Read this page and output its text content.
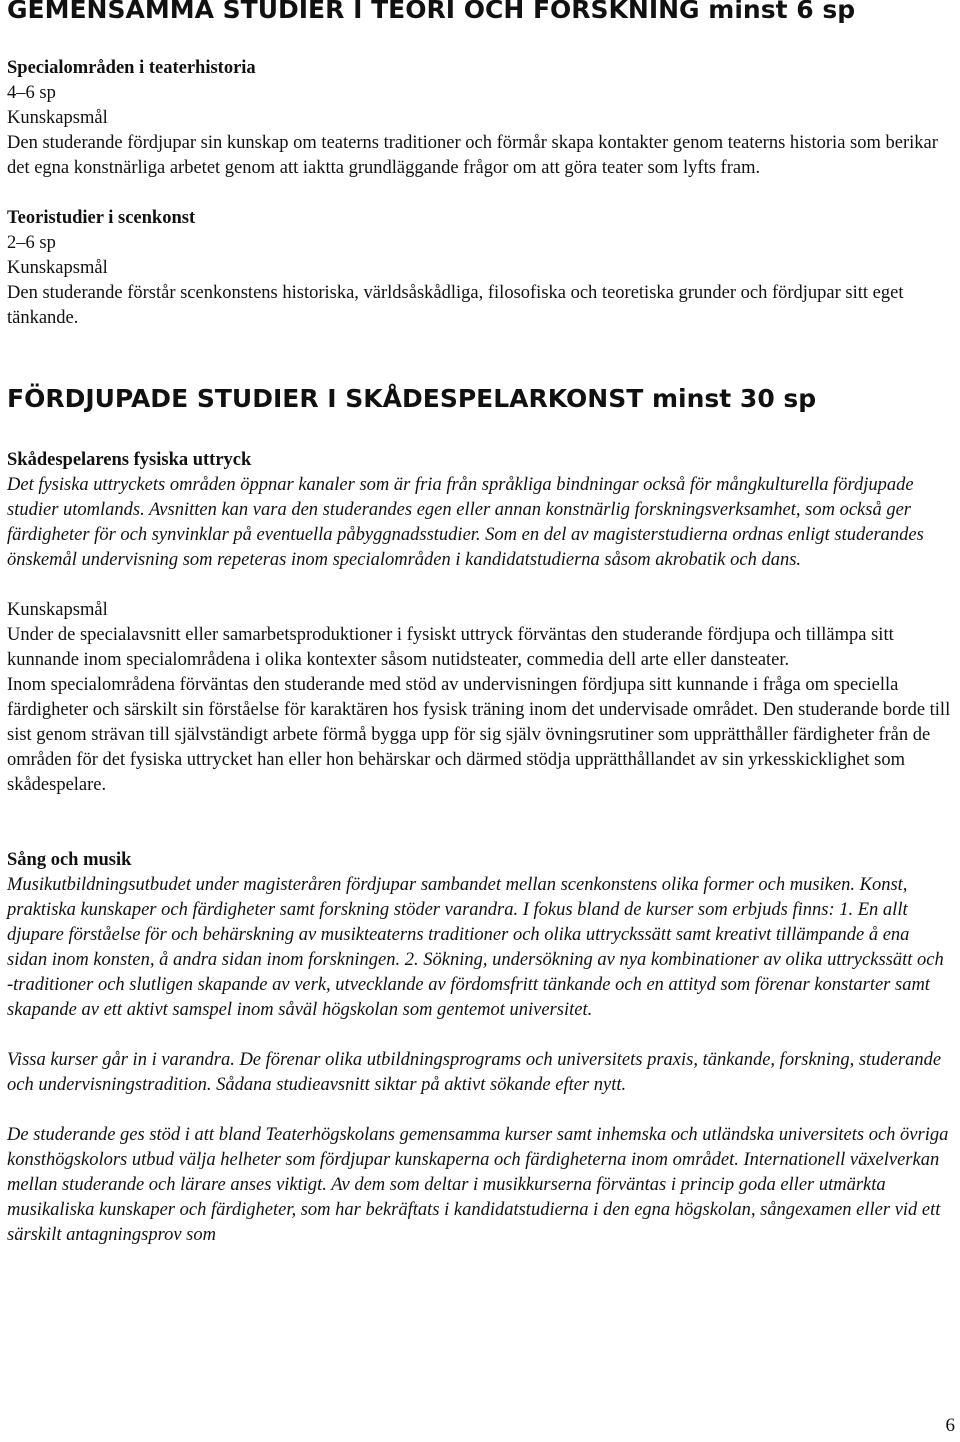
GEMENSAMMA STUDIER I TEORI OCH FORSKNING minst 6 sp

Specialområden i teaterhistoria

4–6 sp

Kunskapsmål

Den studerande fördjupar sin kunskap om teaterns traditioner och förmår skapa kontakter genom teaterns historia som berikar det egna konstnärliga arbetet genom att iaktta grundläggande frågor om att göra teater som lyfts fram.

Teoristudier i scenkonst

2–6 sp

Kunskapsmål

Den studerande förstår scenkonstens historiska, världsåskådliga, filosofiska och teoretiska grunder och fördjupar sitt eget tänkande.

FÖRDJUPADE STUDIER I SKÅDESPELARKONST minst 30 sp

Skådespelarens fysiska uttryck

Det fysiska uttryckets områden öppnar kanaler som är fria från språkliga bindningar också för mångkulturella fördjupade studier utomlands. Avsnitten kan vara den studerandes egen eller annan konstnärlig forskningsverksamhet, som också ger färdigheter för och synvinklar på eventuella påbyggnadsstudier. Som en del av magisterstudierna ordnas enligt studerandes önskemål undervisning som repeteras inom specialområden i kandidatstudierna såsom akrobatik och dans.

Kunskapsmål

Under de specialavsnitt eller samarbetsproduktioner i fysiskt uttryck förväntas den studerande fördjupa och tillämpa sitt kunnande inom specialområdena i olika kontexter såsom nutidsteater, commedia dell arte eller dansteater.

Inom specialområdena förväntas den studerande med stöd av undervisningen fördjupa sitt kunnande i fråga om speciella färdigheter och särskilt sin förståelse för karaktären hos fysisk träning inom det undervisade området. Den studerande borde till sist genom strävan till självständigt arbete förmå bygga upp för sig själv övningsrutiner som upprätthåller färdigheter från de områden för det fysiska uttrycket han eller hon behärskar och därmed stödja upprätthållandet av sin yrkesskicklighet som skådespelare.

Sång och musik

Musikutbildningsutbudet under magisteråren fördjupar sambandet mellan scenkonstens olika former och musiken. Konst, praktiska kunskaper och färdigheter samt forskning stöder varandra. I fokus bland de kurser som erbjuds finns: 1. En allt djupare förståelse för och behärskning av musikteaterns traditioner och olika uttryckssätt samt kreativt tillämpande å ena sidan inom konsten, å andra sidan inom forskningen. 2. Sökning, undersökning av nya kombinationer av olika uttryckssätt och -traditioner och slutligen skapande av verk, utvecklande av fördomsfritt tänkande och en attityd som förenar konstarter samt skapande av ett aktivt samspel inom såväl högskolan som gentemot universitet.

Vissa kurser går in i varandra. De förenar olika utbildningsprograms och universitets praxis, tänkande, forskning, studerande och undervisningstradition. Sådana studieavsnitt siktar på aktivt sökande efter nytt.

De studerande ges stöd i att bland Teaterhögskolans gemensamma kurser samt inhemska och utländska universitets och övriga konsthögskolors utbud välja helheter som fördjupar kunskaperna och färdigheterna inom området. Internationell växelverkan mellan studerande och lärare anses viktigt. Av dem som deltar i musikkurserna förväntas i princip goda eller utmärkta musikaliska kunskaper och färdigheter, som har bekräftats i kandidatstudierna i den egna högskolan, sångexamen eller vid ett särskilt antagningsprov som

6
